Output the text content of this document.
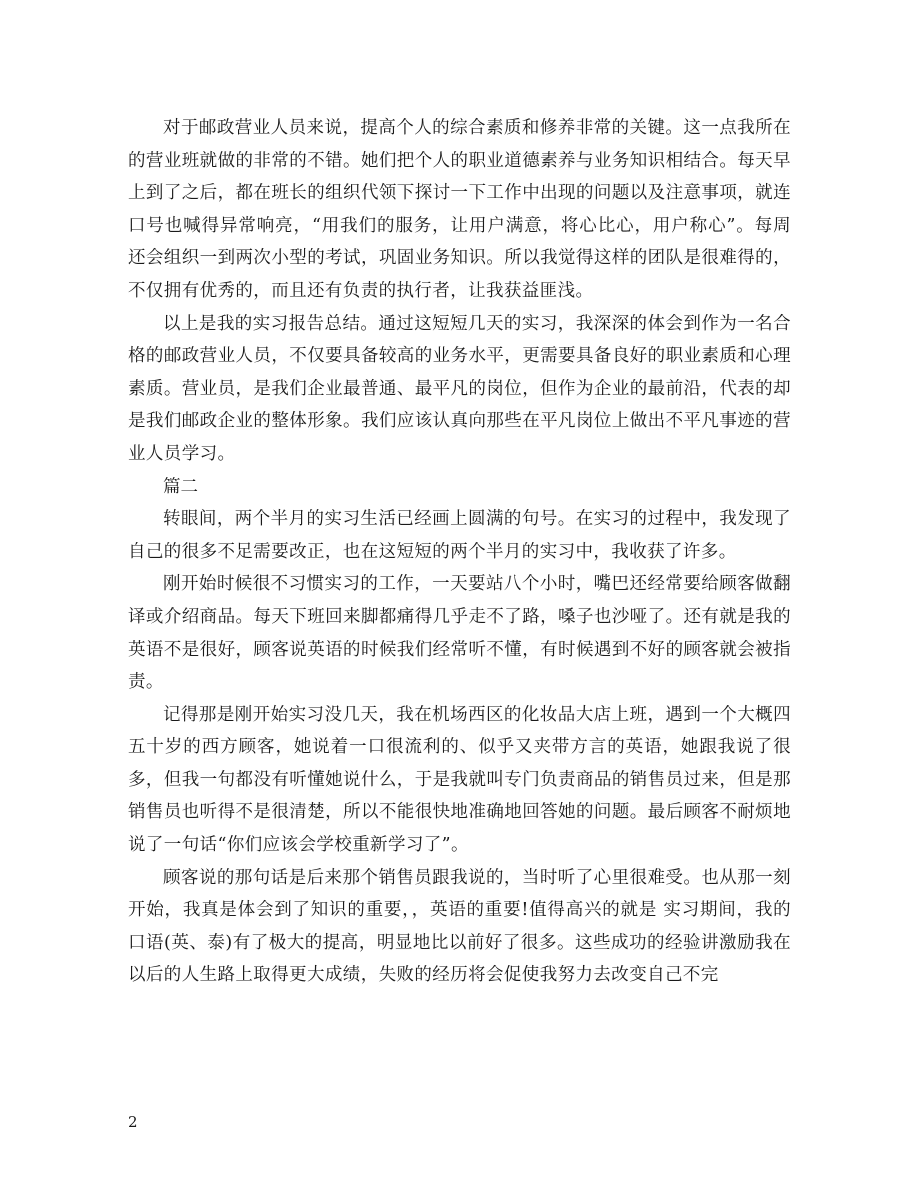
对于邮政营业人员来说，提高个人的综合素质和修养非常的关键。这一点我所在的营业班就做的非常的不错。她们把个人的职业道德素养与业务知识相结合。每天早上到了之后，都在班长的组织代领下探讨一下工作中出现的问题以及注意事项，就连口号也喊得异常响亮，“用我们的服务，让用户满意，将心比心，用户称心”。每周还会组织一到两次小型的考试，巩固业务知识。所以我觉得这样的团队是很难得的，不仅拥有优秀的，而且还有负责的执行者，让我获益匪浅。

以上是我的实习报告总结。通过这短短几天的实习，我深深的体会到作为一名合格的邮政营业人员，不仅要具备较高的业务水平，更需要具备良好的职业素质和心理素质。营业员，是我们企业最普通、最平凡的岗位，但作为企业的最前沿，代表的却是我们邮政企业的整体形象。我们应该认真向那些在平凡岗位上做出不平凡事迹的营业人员学习。

篇二

转眼间，两个半月的实习生活已经画上圆满的句号。在实习的过程中，我发现了自己的很多不足需要改正，也在这短短的两个半月的实习中，我收获了许多。

刚开始时候很不习惯实习的工作，一天要站八个小时，嘴巴还经常要给顾客做翻译或介绍商品。每天下班回来脚都痛得几乎走不了路，嗓子也沙哑了。还有就是我的英语不是很好，顾客说英语的时候我们经常听不懂，有时候遇到不好的顾客就会被指责。

记得那是刚开始实习没几天，我在机场西区的化妆品大店上班，遇到一个大概四五十岁的西方顾客，她说着一口很流利的、似乎又夹带方言的英语，她跟我说了很多，但我一句都没有听懂她说什么，于是我就叫专门负责商品的销售员过来，但是那销售员也听得不是很清楚，所以不能很快地准确地回答她的问题。最后顾客不耐烦地说了一句话“你们应该会学校重新学习了”。

顾客说的那句话是后来那个销售员跟我说的，当时听了心里很难受。也从那一刻开始，我真是体会到了知识的重要，，英语的重要!值得高兴的就是 实习期间，我的口语(英、泰)有了极大的提高，明显地比以前好了很多。这些成功的经验讲激励我在以后的人生路上取得更大成绩，失败的经历将会促使我努力去改变自己不完

2
